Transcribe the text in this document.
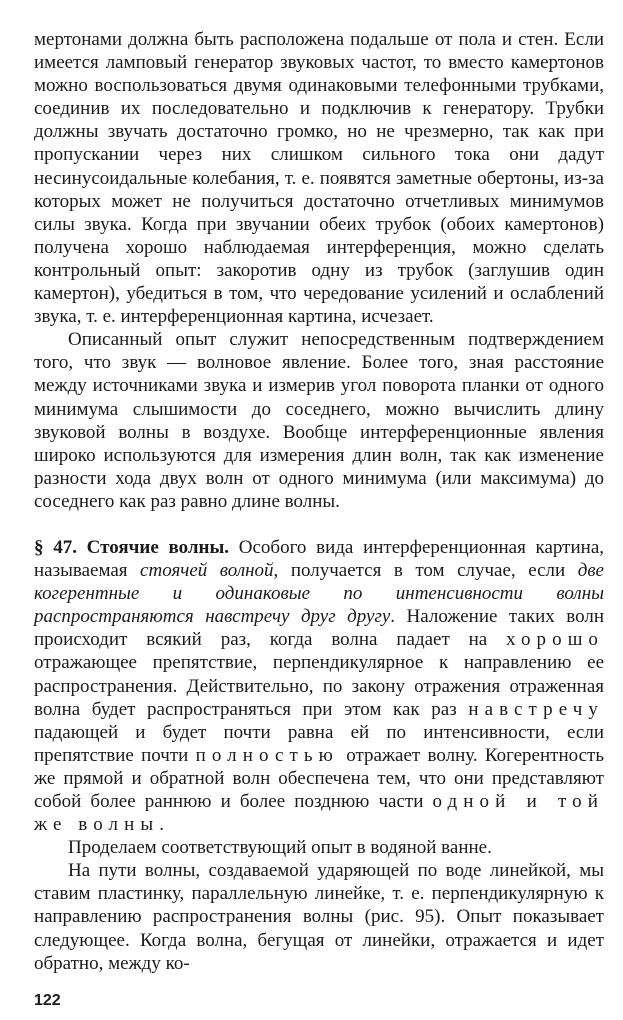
мертонами должна быть расположена подальше от пола и стен. Если имеется ламповый генератор звуковых частот, то вместо камертонов можно воспользоваться двумя одинаковыми телефонными трубками, соединив их последовательно и подключив к генератору. Трубки должны звучать достаточно громко, но не чрезмерно, так как при пропускании через них слишком сильного тока они дадут несинусоидальные колебания, т. е. появятся заметные обертоны, из-за которых может не получиться достаточно отчетливых минимумов силы звука. Когда при звучании обеих трубок (обоих камертонов) получена хорошо наблюдаемая интерференция, можно сделать контрольный опыт: закоротив одну из трубок (заглушив один камертон), убедиться в том, что чередование усилений и ослаблений звука, т. е. интерференционная картина, исчезает.

Описанный опыт служит непосредственным подтверждением того, что звук — волновое явление. Более того, зная расстояние между источниками звука и измерив угол поворота планки от одного минимума слышимости до соседнего, можно вычислить длину звуковой волны в воздухе. Вообще интерференционные явления широко используются для измерения длин волн, так как изменение разности хода двух волн от одного минимума (или максимума) до соседнего как раз равно длине волны.

§ 47. Стоячие волны. Особого вида интерференционная картина, называемая стоячей волной, получается в том случае, если две когерентные и одинаковые по интенсивности волны распространяются навстречу друг другу. Наложение таких волн происходит всякий раз, когда волна падает на хорошо отражающее препятствие, перпендикулярное к направлению ее распространения. Действительно, по закону отражения отраженная волна будет распространяться при этом как раз навстречу падающей и будет почти равна ей по интенсивности, если препятствие почти полностью отражает волну. Когерентность же прямой и обратной волн обеспечена тем, что они представляют собой более раннюю и более позднюю части одной и той же волны.

Проделаем соответствующий опыт в водяной ванне.

На пути волны, создаваемой ударяющей по воде линейкой, мы ставим пластинку, параллельную линейке, т. е. перпендикулярную к направлению распространения волны (рис. 95). Опыт показывает следующее. Когда волна, бегущая от линейки, отражается и идет обратно, между ко-

122
